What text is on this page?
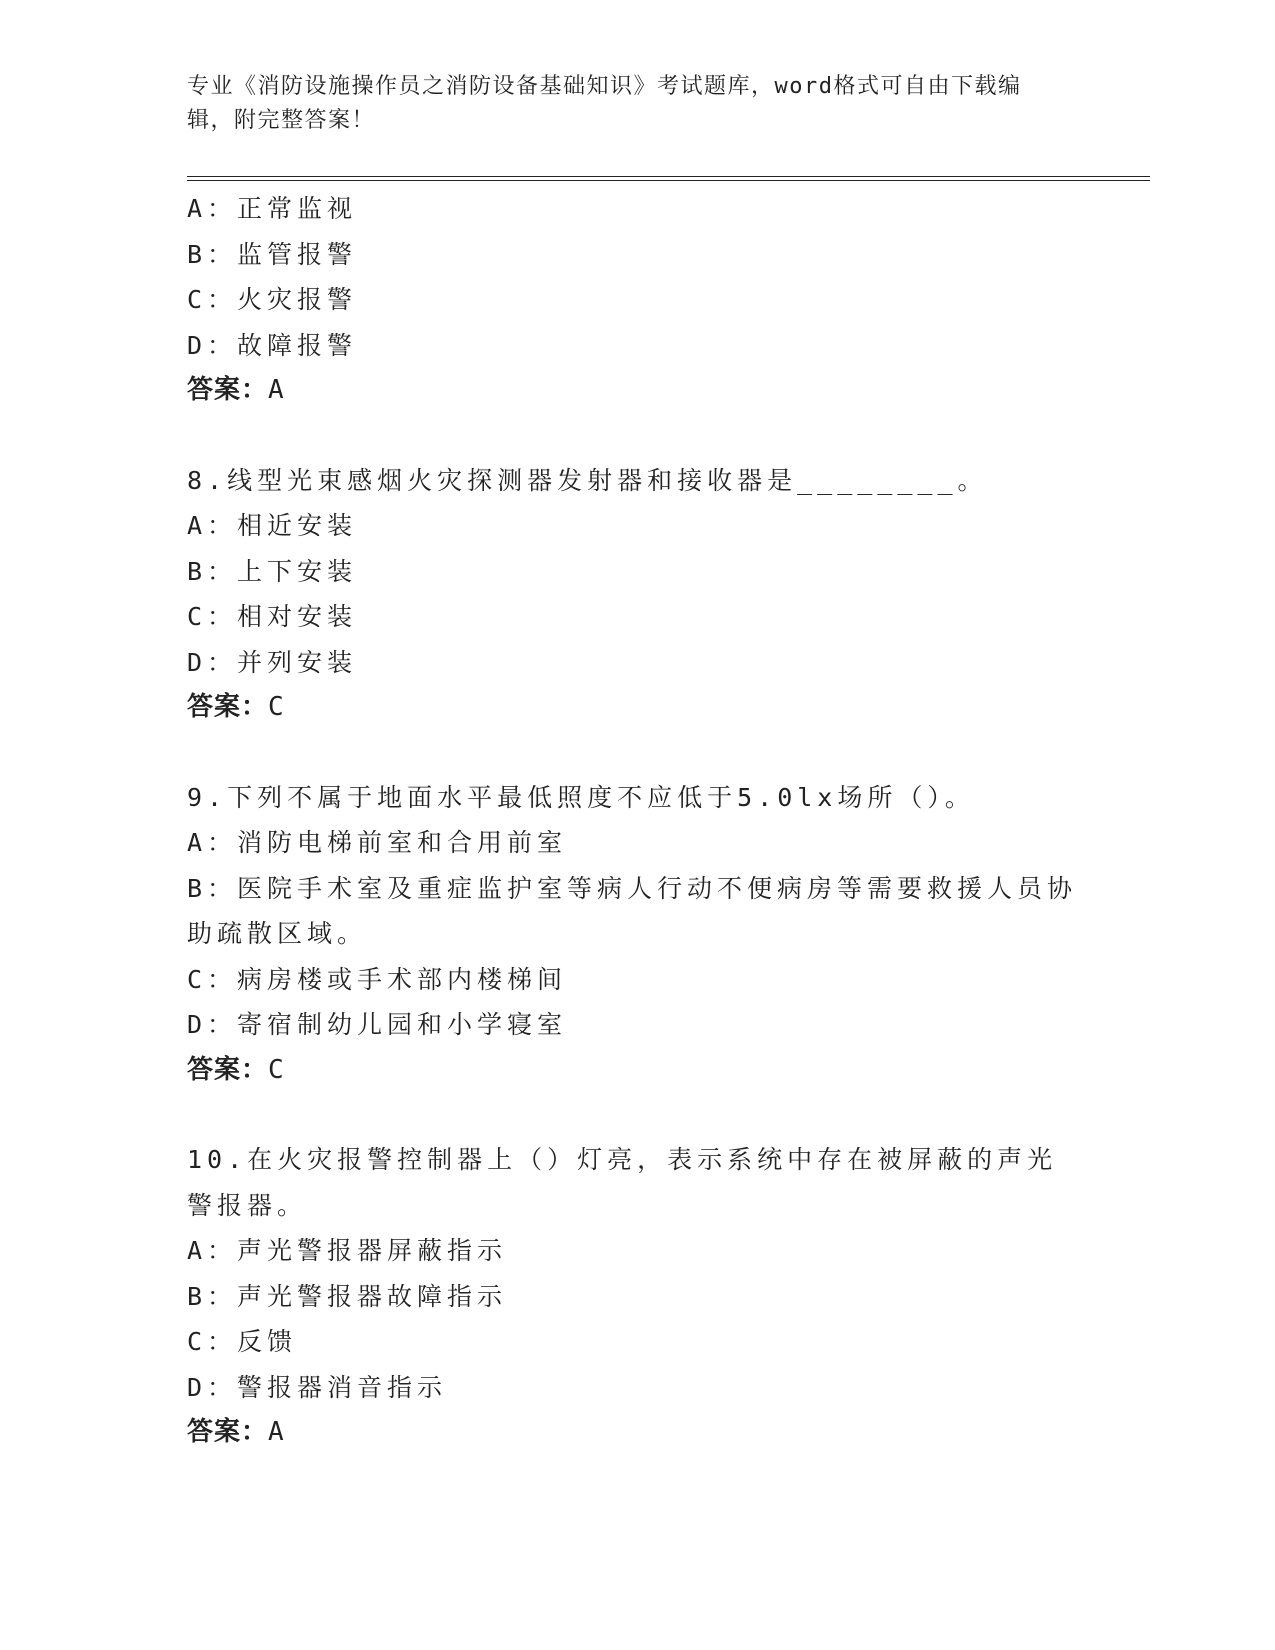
专业《消防设施操作员之消防设备基础知识》考试题库，word格式可自由下载编辑，附完整答案！
A：正常监视
B：监管报警
C：火灾报警
D：故障报警
答案：A
8.线型光束感烟火灾探测器发射器和接收器是________。
A：相近安装
B：上下安装
C：相对安装
D：并列安装
答案：C
9.下列不属于地面水平最低照度不应低于5.0lx场所（）。
A：消防电梯前室和合用前室
B：医院手术室及重症监护室等病人行动不便病房等需要救援人员协助疏散区域。
C：病房楼或手术部内楼梯间
D：寄宿制幼儿园和小学寝室
答案：C
10.在火灾报警控制器上（）灯亮，表示系统中存在被屏蔽的声光警报器。
A：声光警报器屏蔽指示
B：声光警报器故障指示
C：反馈
D：警报器消音指示
答案：A
